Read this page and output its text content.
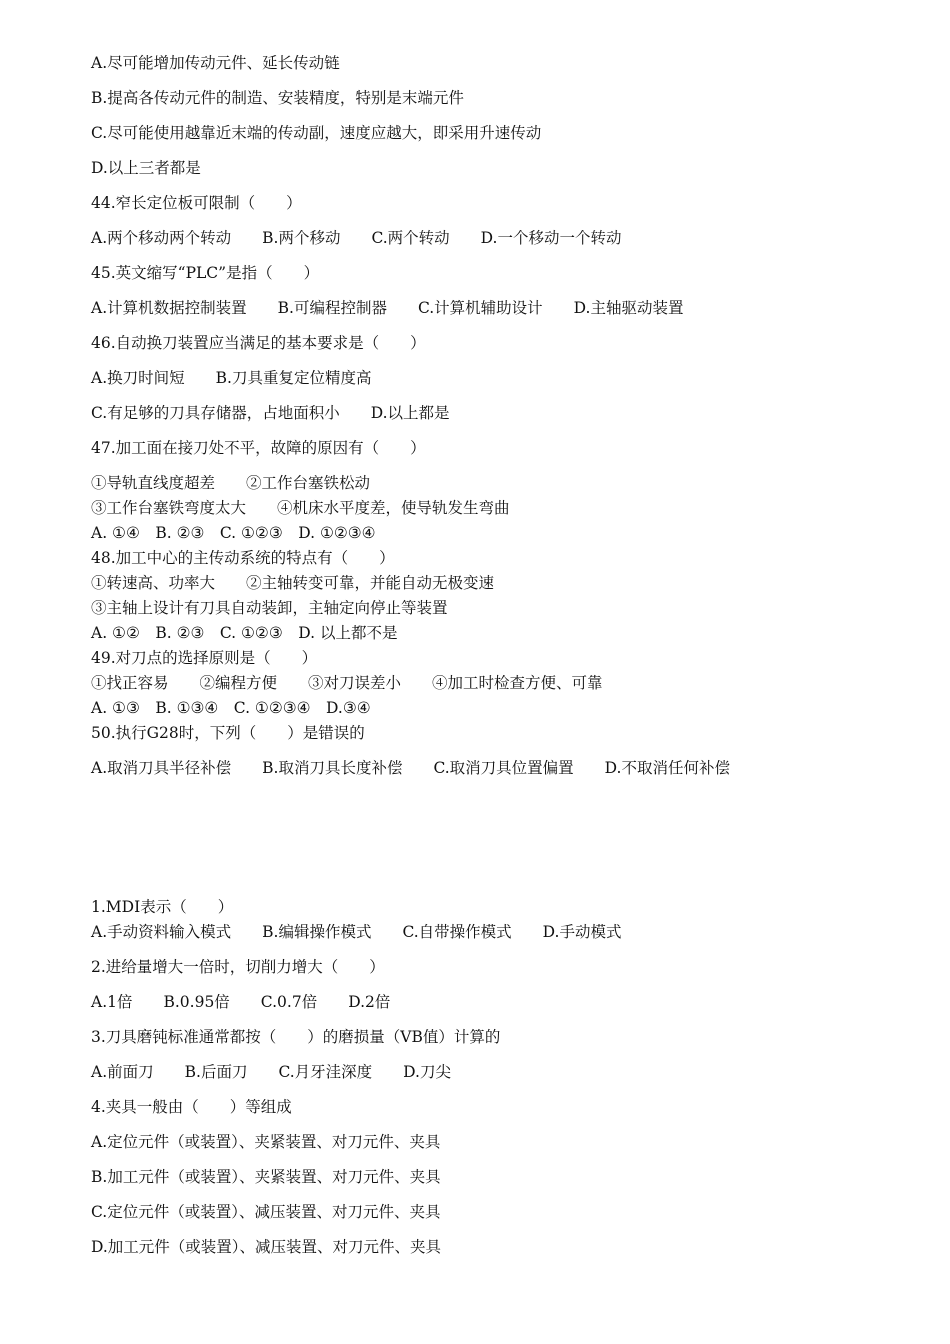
A.尽可能增加传动元件、延长传动链
B.提高各传动元件的制造、安装精度，特别是末端元件
C.尽可能使用越靠近末端的传动副，速度应越大，即采用升速传动
D.以上三者都是
44.窄长定位板可限制（　　）
A.两个移动两个转动　　B.两个移动　　C.两个转动　　D.一个移动一个转动
45.英文缩写“PLC”是指（　　）
A.计算机数据控制装置　　B.可编程控制器　　C.计算机辅助设计　　D.主轴驱动装置
46.自动换刀装置应当满足的基本要求是（　　）
A.换刀时间短　　B.刀具重复定位精度高
C.有足够的刀具存储器，占地面积小　　D.以上都是
47.加工面在接刀处不平，故障的原因有（　　）
①导轨直线度超差　　②工作台塞铁松动
③工作台塞铁弯度太大　　④机床水平度差，使导轨发生弯曲
A. ①④　B. ②③　C. ①②③　D. ①②③④
48.加工中心的主传动系统的特点有（　　）
①转速高、功率大　　②主轴转变可靠，并能自动无极变速
③主轴上设计有刀具自动装卸，主轴定向停止等装置
A. ①②　B. ②③　C. ①②③　D. 以上都不是
49.对刀点的选择原则是（　　）
①找正容易　　②编程方便　　③对刀误差小　　④加工时检查方便、可靠
A. ①③　B. ①③④　C. ①②③④　D.③④
50.执行G28时，下列（　　）是错误的
A.取消刀具半径补偿　　B.取消刀具长度补偿　　C.取消刀具位置偏置　　D.不取消任何补偿
1.MDI表示（　　）
A.手动资料输入模式　　B.编辑操作模式　　C.自带操作模式　　D.手动模式
2.进给量增大一倍时，切削力增大（　　）
A.1倍　　B.0.95倍　　C.0.7倍　　D.2倍
3.刀具磨钝标准通常都按（　　）的磨损量（VB值）计算的
A.前面刀　　B.后面刀　　C.月牙洼深度　　D.刀尖
4.夹具一般由（　　）等组成
A.定位元件（或装置）、夹紧装置、对刀元件、夹具
B.加工元件（或装置）、夹紧装置、对刀元件、夹具
C.定位元件（或装置）、减压装置、对刀元件、夹具
D.加工元件（或装置）、减压装置、对刀元件、夹具
